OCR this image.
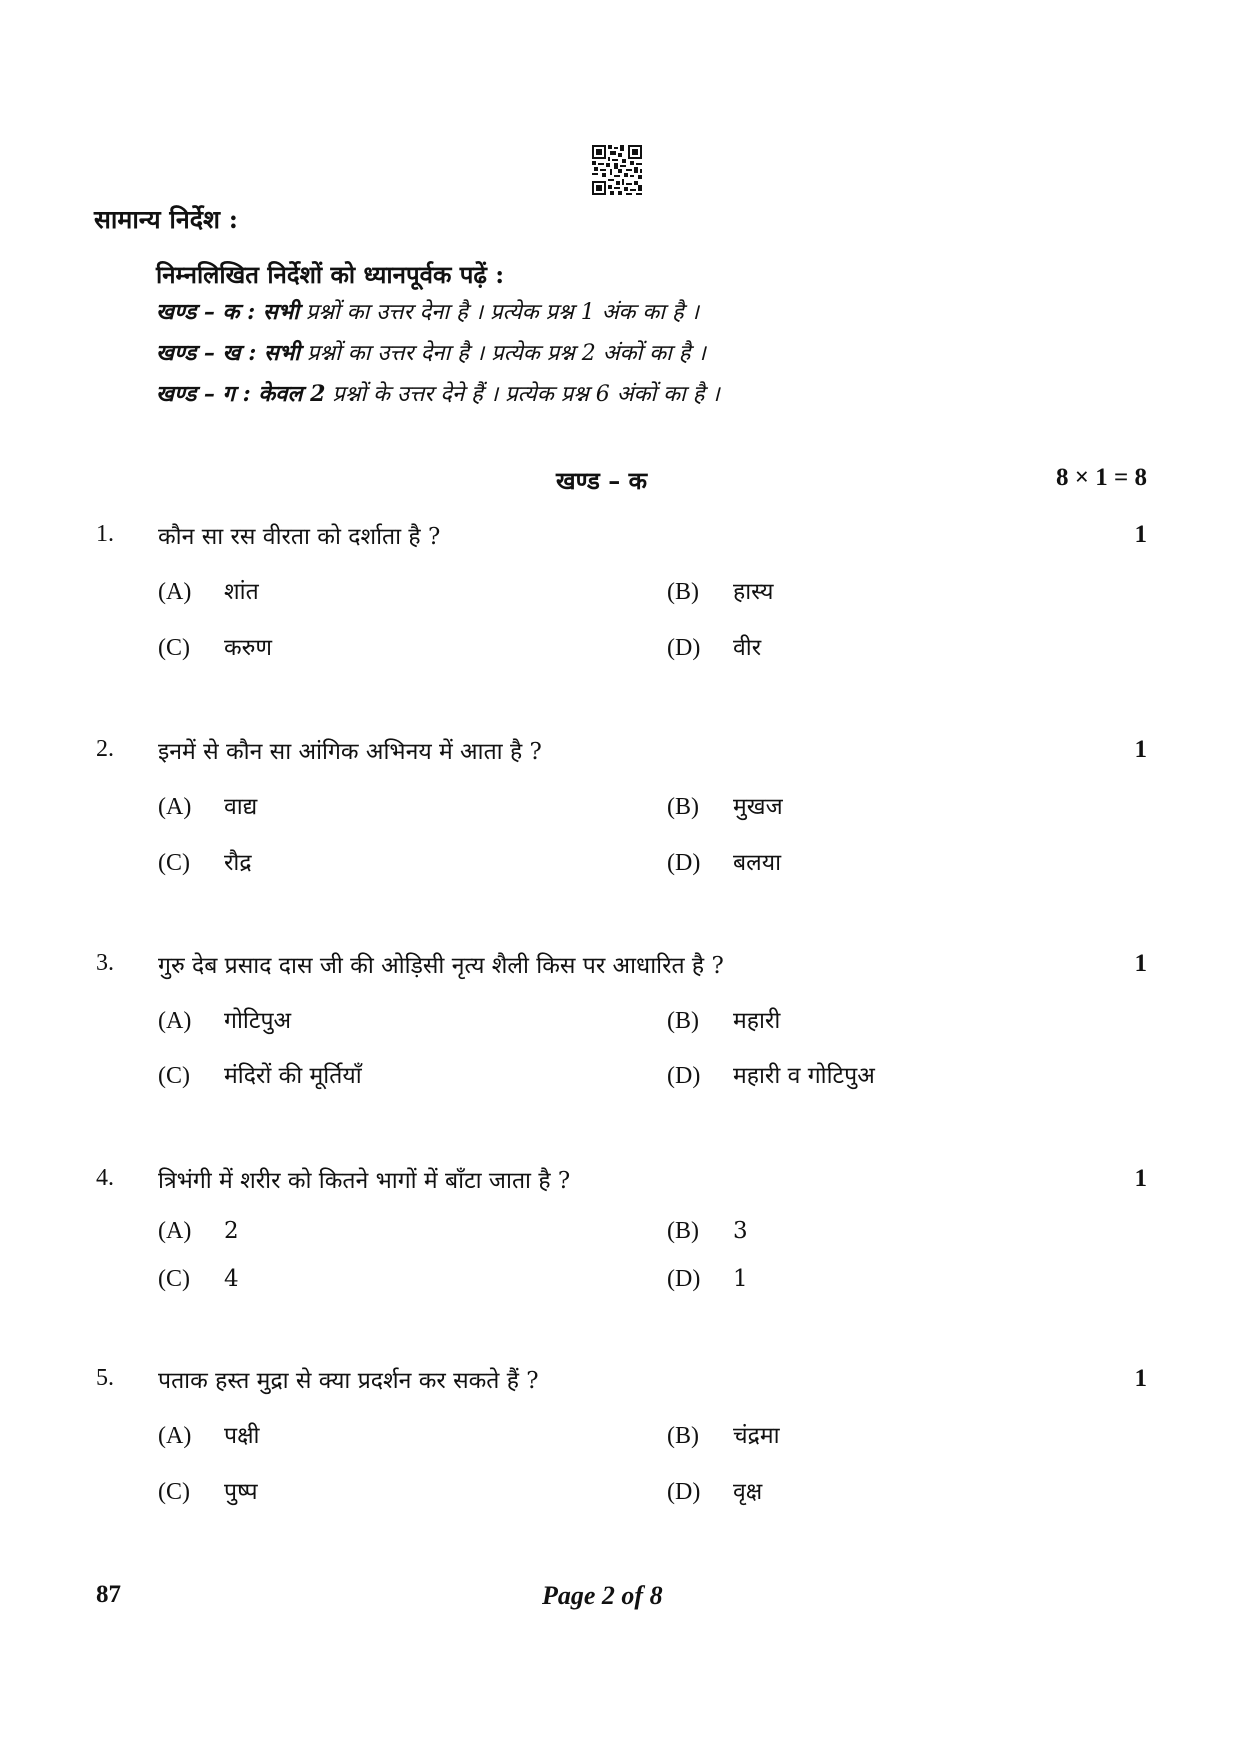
सामान्य निर्देश :
निम्नलिखित निर्देशों को ध्यानपूर्वक पढ़ें :
खण्ड – क : सभी प्रश्नों का उत्तर देना है । प्रत्येक प्रश्न 1 अंक का है ।
खण्ड – ख : सभी प्रश्नों का उत्तर देना है । प्रत्येक प्रश्न 2 अंकों का है ।
खण्ड – ग : केवल 2 प्रश्नों के उत्तर देने हैं । प्रत्येक प्रश्न 6 अंकों का है ।
खण्ड – क	8 × 1 = 8
1. कौन सा रस वीरता को दर्शाता है ?	1
(A) शांत	(B) हास्य
(C) करुण	(D) वीर
2. इनमें से कौन सा आंगिक अभिनय में आता है ?	1
(A) वाद्य	(B) मुखज
(C) रौद्र	(D) बलया
3. गुरु देब प्रसाद दास जी की ओड़िसी नृत्य शैली किस पर आधारित है ?	1
(A) गोटिपुअ	(B) महारी
(C) मंदिरों की मूर्तियाँ	(D) महारी व गोटिपुअ
4. त्रिभंगी में शरीर को कितने भागों में बाँटा जाता है ?	1
(A) 2	(B) 3
(C) 4	(D) 1
5. पताक हस्त मुद्रा से क्या प्रदर्शन कर सकते हैं ?	1
(A) पक्षी	(B) चंद्रमा
(C) पुष्प	(D) वृक्ष
87	Page 2 of 8
